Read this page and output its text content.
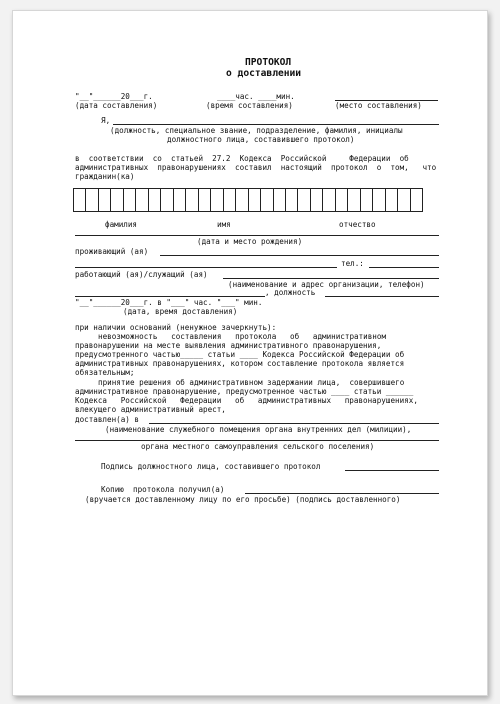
ПРОТОКОЛ
о доставлении
"__"______20___г.	____час. ____мин.
(дата составления)	(время составления)	(место составления)
Я,
(должность, специальное звание, подразделение, фамилия, инициалы
должностного лица, составившего протокол)
в  соответствии  со  статьей  27.2  Кодекса  Российской     Федерации  об
административных  правонарушениях  составил  настоящий  протокол  о  том,   что
гражданин(ка)
фамилия	имя	отчество
(дата и место рождения)
проживающий (ая)
тел.:
работающий (ая)/служащий (ая)
(наименование и адрес организации, телефон)
, должность
"__"______20___г. в "___" час. "___" мин.
(дата, время доставления)
при наличии оснований (ненужное зачеркнуть):
невозможность   составления   протокола   об   административном
правонарушении на месте выявления административного правонарушения,
предусмотренного частью_____ статьи ____ Кодекса Российской Федерации об
административных правонарушениях, котором составление протокола является
обязательным;
принятие решения об административном задержании лица,  совершившего
административное правонарушение, предусмотренное частью ____ статьи ______
Кодекса   Российской   Федерации   об   административных   правонарушениях,
влекущего административный арест,
доставлен(а) в
(наименование служебного помещения органа внутренних дел (милиции),
органа местного самоуправления сельского поселения)
Подпись должностного лица, составившего протокол
Копию  протокола получил(а)
(вручается доставленному лицу по его просьбе) (подпись доставленного)
